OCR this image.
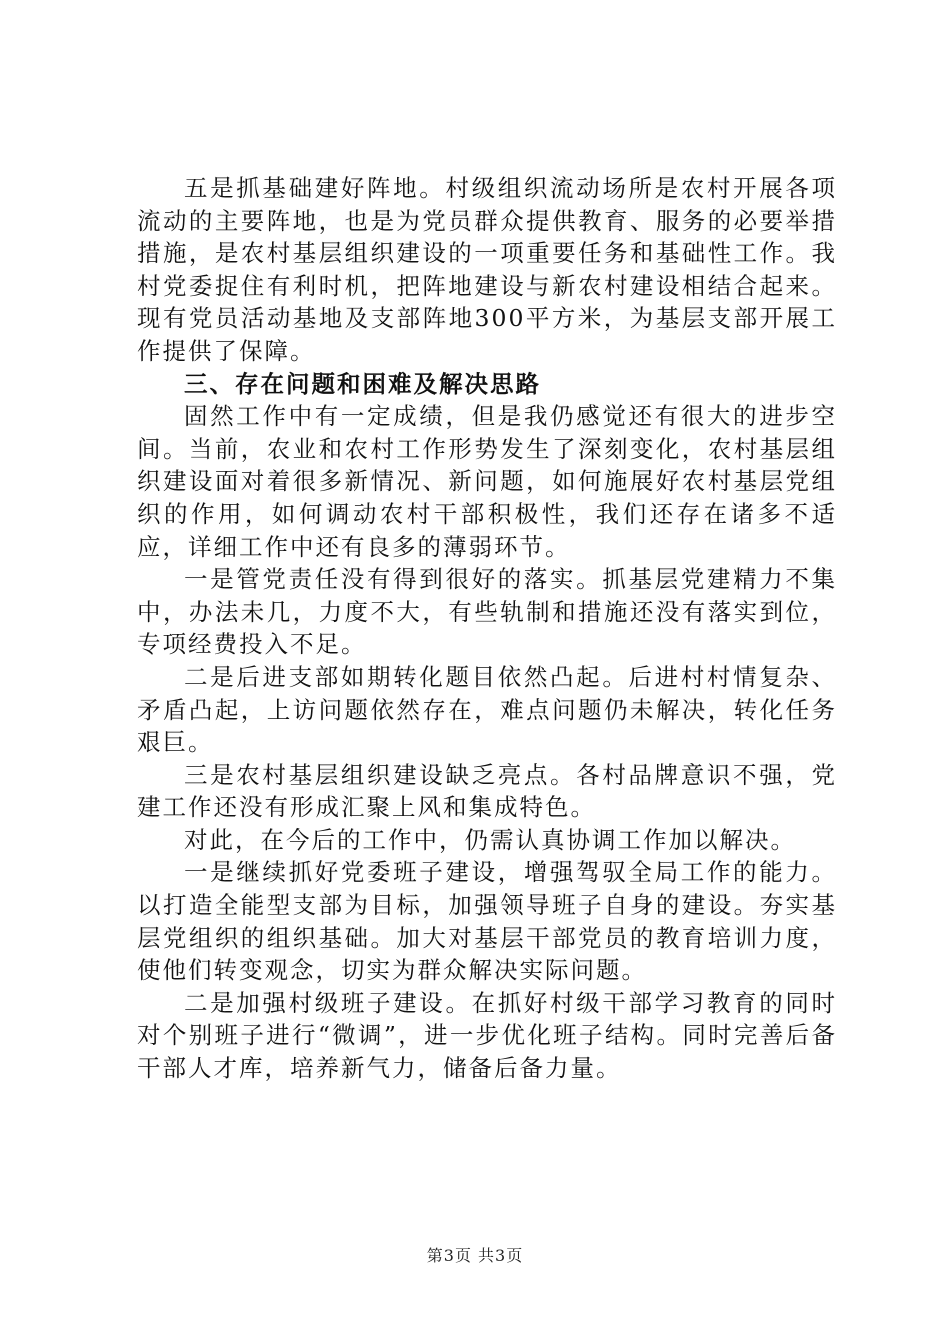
五是抓基础建好阵地。村级组织流动场所是农村开展各项流动的主要阵地，也是为党员群众提供教育、服务的必要举措措施，是农村基层组织建设的一项重要任务和基础性工作。我村党委捉住有利时机，把阵地建设与新农村建设相结合起来。现有党员活动基地及支部阵地300平方米，为基层支部开展工作提供了保障。

三、存在问题和困难及解决思路

固然工作中有一定成绩，但是我仍感觉还有很大的进步空间。当前，农业和农村工作形势发生了深刻变化，农村基层组织建设面对着很多新情况、新问题，如何施展好农村基层党组织的作用，如何调动农村干部积极性，我们还存在诸多不适应，详细工作中还有良多的薄弱环节。

一是管党责任没有得到很好的落实。抓基层党建精力不集中，办法未几，力度不大，有些轨制和措施还没有落实到位，专项经费投入不足。

二是后进支部如期转化题目依然凸起。后进村村情复杂、矛盾凸起，上访问题依然存在，难点问题仍未解决，转化任务艰巨。

三是农村基层组织建设缺乏亮点。各村品牌意识不强，党建工作还没有形成汇聚上风和集成特色。

对此，在今后的工作中，仍需认真协调工作加以解决。

一是继续抓好党委班子建设，增强驾驭全局工作的能力。以打造全能型支部为目标，加强领导班子自身的建设。夯实基层党组织的组织基础。加大对基层干部党员的教育培训力度，使他们转变观念，切实为群众解决实际问题。

二是加强村级班子建设。在抓好村级干部学习教育的同时对个别班子进行“微调”，进一步优化班子结构。同时完善后备干部人才库，培养新气力，储备后备力量。

第3页 共3页
